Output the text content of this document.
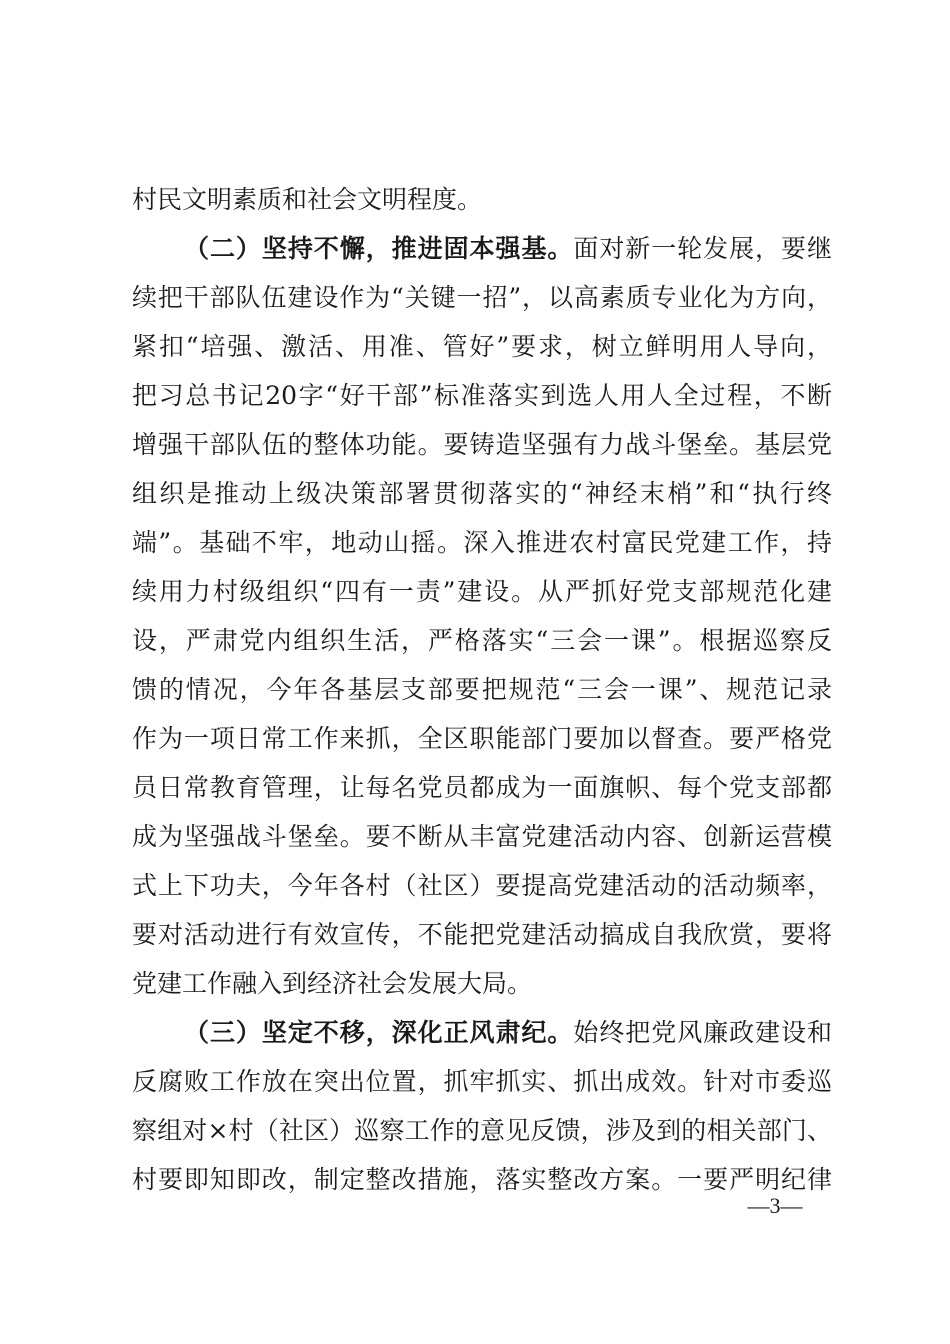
村民文明素质和社会文明程度。
（二）坚持不懈，推进固本强基。面对新一轮发展，要继
续把干部队伍建设作为“关键一招”，以高素质专业化为方向，
紧扣“培强、激活、用准、管好”要求，树立鲜明用人导向，
把习总书记20字“好干部”标准落实到选人用人全过程，不断
增强干部队伍的整体功能。要铸造坚强有力战斗堡垒。基层党
组织是推动上级决策部署贯彻落实的“神经末梢”和“执行终
端”。基础不牢，地动山摇。深入推进农村富民党建工作，持
续用力村级组织“四有一责”建设。从严抓好党支部规范化建
设，严肃党内组织生活，严格落实“三会一课”。根据巡察反
馈的情况，今年各基层支部要把规范“三会一课”、规范记录
作为一项日常工作来抓，全区职能部门要加以督查。要严格党
员日常教育管理，让每名党员都成为一面旗帜、每个党支部都
成为坚强战斗堡垒。要不断从丰富党建活动内容、创新运营模
式上下功夫，今年各村（社区）要提高党建活动的活动频率，
要对活动进行有效宣传，不能把党建活动搞成自我欣赏，要将
党建工作融入到经济社会发展大局。
（三）坚定不移，深化正风肃纪。始终把党风廉政建设和
反腐败工作放在突出位置，抓牢抓实、抓出成效。针对市委巡
察组对×村（社区）巡察工作的意见反馈，涉及到的相关部门、
村要即知即改，制定整改措施，落实整改方案。一要严明纪律
—3—
